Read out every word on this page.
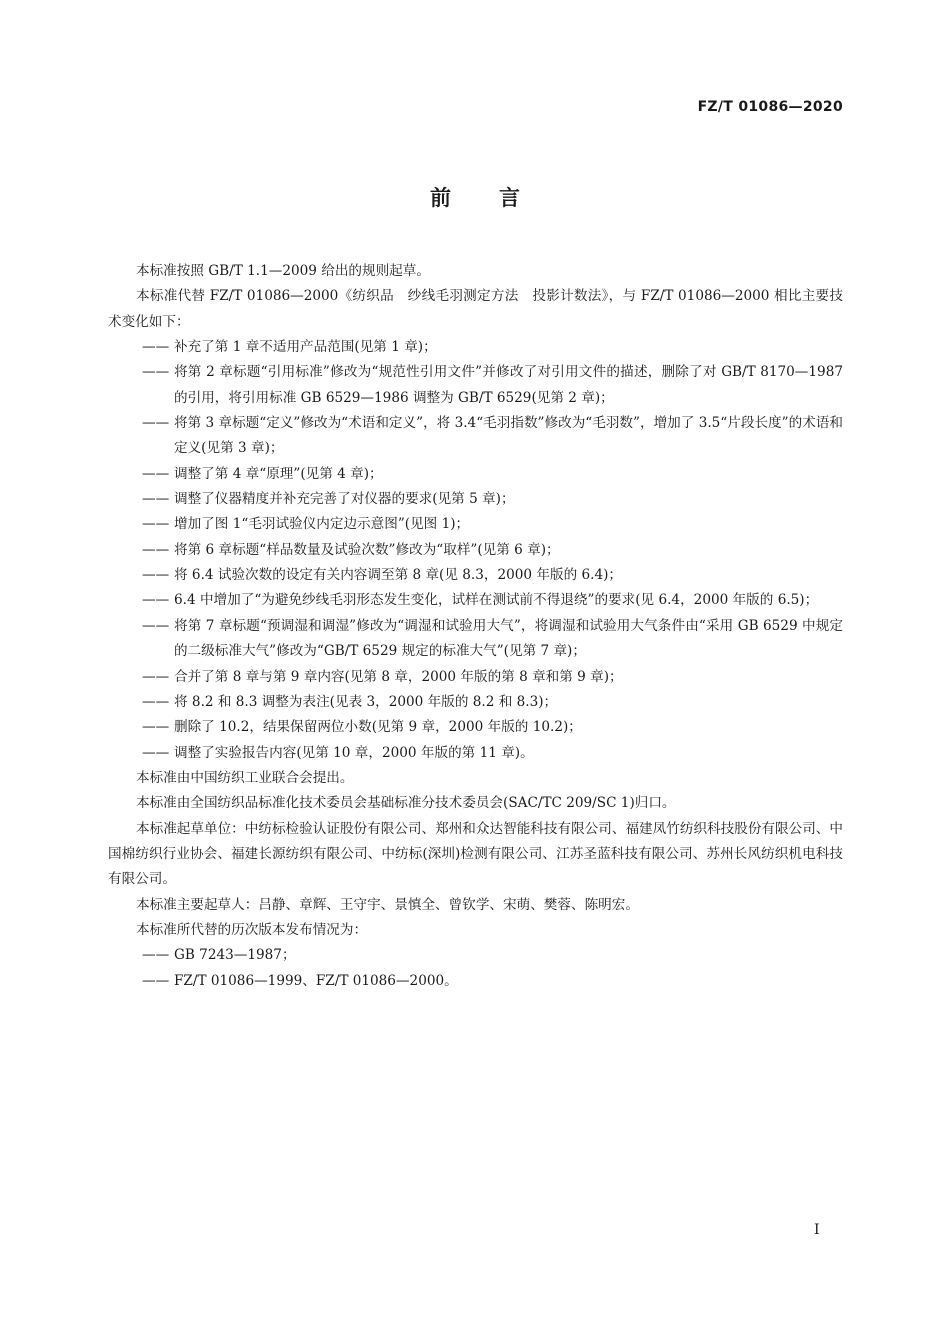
FZ/T 01086—2020
前言

本标准按照 GB/T 1.1—2009 给出的规则起草。

本标准代替 FZ/T 01086—2000《纺织品　纱线毛羽测定方法　投影计数法》，与 FZ/T 01086—2000 相比主要技术变化如下：

—— 补充了第 1 章不适用产品范围(见第 1 章)；

—— 将第 2 章标题“引用标准”修改为“规范性引用文件”并修改了对引用文件的描述，删除了对 GB/T 8170—1987 的引用，将引用标准 GB 6529—1986 调整为 GB/T 6529(见第 2 章)；

—— 将第 3 章标题“定义”修改为“术语和定义”，将 3.4“毛羽指数”修改为“毛羽数”，增加了 3.5“片段长度”的术语和定义(见第 3 章)；

—— 调整了第 4 章“原理”(见第 4 章)；

—— 调整了仪器精度并补充完善了对仪器的要求(见第 5 章)；

—— 增加了图 1“毛羽试验仪内定边示意图”(见图 1)；

—— 将第 6 章标题“样品数量及试验次数”修改为“取样”(见第 6 章)；

—— 将 6.4 试验次数的设定有关内容调至第 8 章(见 8.3，2000 年版的 6.4)；

—— 6.4 中增加了“为避免纱线毛羽形态发生变化，试样在测试前不得退绕”的要求(见 6.4，2000 年版的 6.5)；

—— 将第 7 章标题“预调湿和调湿”修改为“调湿和试验用大气”，将调湿和试验用大气条件由“采用 GB 6529 中规定的二级标准大气”修改为“GB/T 6529 规定的标准大气”(见第 7 章)；

—— 合并了第 8 章与第 9 章内容(见第 8 章，2000 年版的第 8 章和第 9 章)；

—— 将 8.2 和 8.3 调整为表注(见表 3，2000 年版的 8.2 和 8.3)；

—— 删除了 10.2，结果保留两位小数(见第 9 章，2000 年版的 10.2)；

—— 调整了实验报告内容(见第 10 章，2000 年版的第 11 章)。

本标准由中国纺织工业联合会提出。

本标准由全国纺织品标准化技术委员会基础标准分技术委员会(SAC/TC 209/SC 1)归口。

本标准起草单位：中纺标检验认证股份有限公司、郑州和众达智能科技有限公司、福建凤竹纺织科技股份有限公司、中国棉纺织行业协会、福建长源纺织有限公司、中纺标(深圳)检测有限公司、江苏圣蓝科技有限公司、苏州长风纺织机电科技有限公司。

本标准主要起草人：吕静、章辉、王守宇、景慎全、曾钦学、宋萌、樊蓉、陈明宏。

本标准所代替的历次版本发布情况为：

—— GB 7243—1987；

—— FZ/T 01086—1999、FZ/T 01086—2000。

I
